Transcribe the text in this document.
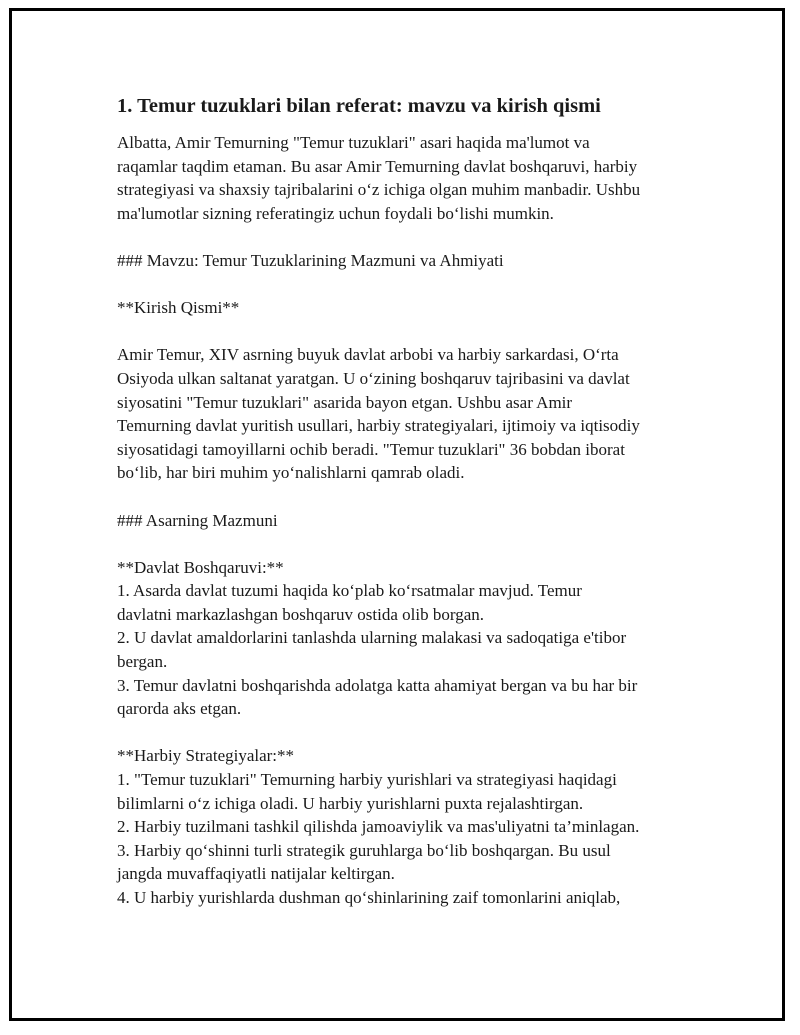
1. Temur tuzuklari bilan referat: mavzu va kirish qismi
Albatta, Amir Temurning "Temur tuzuklari" asari haqida ma'lumot va
raqamlar taqdim etaman. Bu asar Amir Temurning davlat boshqaruvi, harbiy
strategiyasi va shaxsiy tajribalarini o‘z ichiga olgan muhim manbadir. Ushbu
ma'lumotlar sizning referatingiz uchun foydali bo‘lishi mumkin.
### Mavzu: Temur Tuzuklarining Mazmuni va Ahmiyati
**Kirish Qismi**
Amir Temur, XIV asrning buyuk davlat arbobi va harbiy sarkardasi, O‘rta
Osiyoda ulkan saltanat yaratgan. U o‘zining boshqaruv tajribasini va davlat
siyosatini "Temur tuzuklari" asarida bayon etgan. Ushbu asar Amir
Temurning davlat yuritish usullari, harbiy strategiyalari, ijtimoiy va iqtisodiy
siyosatidagi tamoyillarni ochib beradi. "Temur tuzuklari" 36 bobdan iborat
bo‘lib, har biri muhim yo‘nalishlarni qamrab oladi.
### Asarning Mazmuni
**Davlat Boshqaruvi:**
1. Asarda davlat tuzumi haqida ko‘plab ko‘rsatmalar mavjud. Temur
davlatni markazlashgan boshqaruv ostida olib borgan.
2. U davlat amaldorlarini tanlashda ularning malakasi va sadoqatiga e'tibor
bergan.
3. Temur davlatni boshqarishda adolatga katta ahamiyat bergan va bu har bir
qarorda aks etgan.
**Harbiy Strategiyalar:**
1. "Temur tuzuklari" Temurning harbiy yurishlari va strategiyasi haqidagi
bilimlarni o‘z ichiga oladi. U harbiy yurishlarni puxta rejalashtirgan.
2. Harbiy tuzilmani tashkil qilishda jamoaviylik va mas'uliyatni ta’minlagan.
3. Harbiy qo‘shinni turli strategik guruhlarga bo‘lib boshqargan. Bu usul
jangda muvaffaqiyatli natijalar keltirgan.
4. U harbiy yurishlarda dushman qo‘shinlarining zaif tomonlarini aniqlab,
